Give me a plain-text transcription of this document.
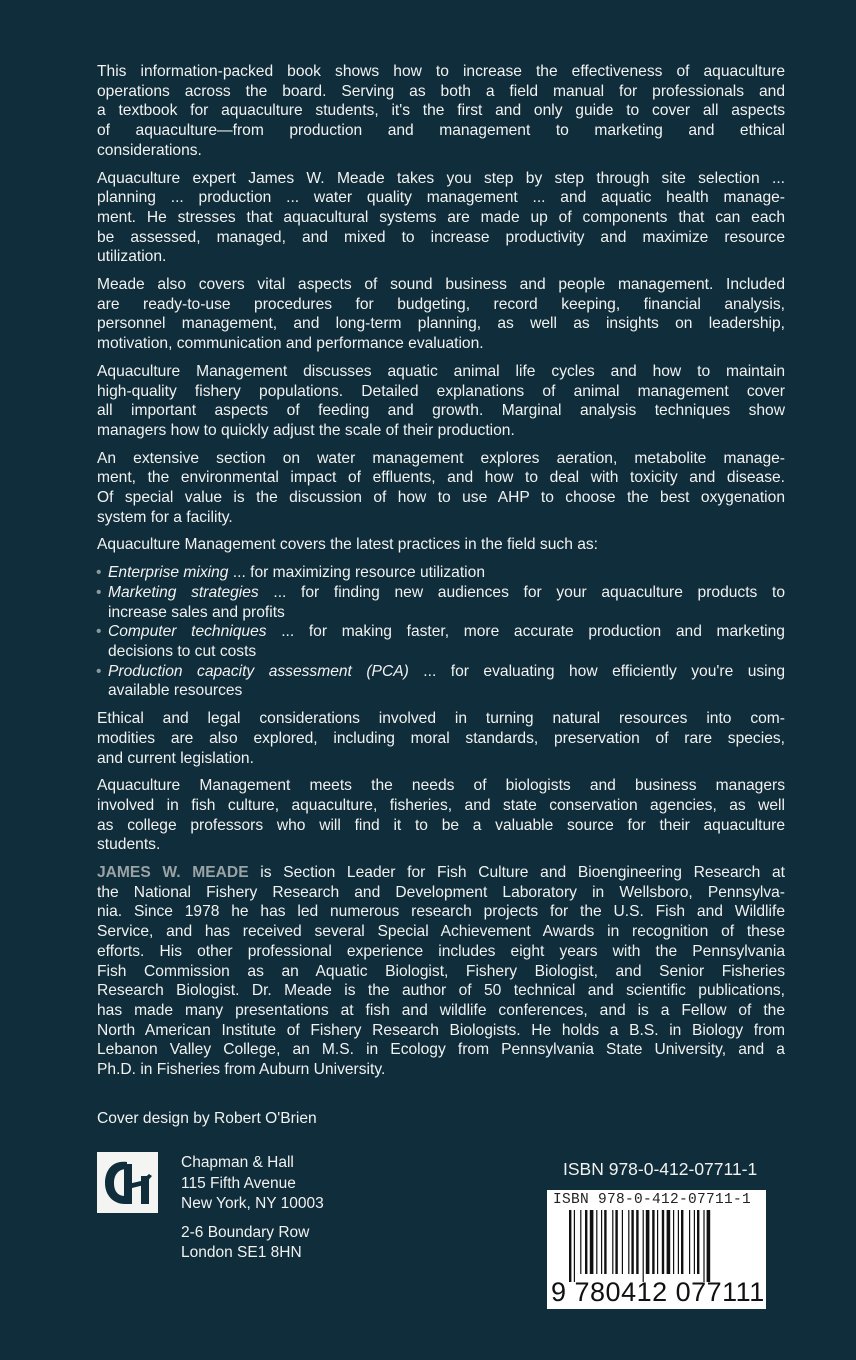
This information-packed book shows how to increase the effectiveness of aquaculture
operations across the board. Serving as both a field manual for professionals and
a textbook for aquaculture students, it's the first and only guide to cover all aspects
of aquaculture—from production and management to marketing and ethical
considerations.
Aquaculture expert James W. Meade takes you step by step through site selection ...
planning ... production ... water quality management ... and aquatic health manage-
ment. He stresses that aquacultural systems are made up of components that can each
be assessed, managed, and mixed to increase productivity and maximize resource
utilization.
Meade also covers vital aspects of sound business and people management. Included
are ready-to-use procedures for budgeting, record keeping, financial analysis,
personnel management, and long-term planning, as well as insights on leadership,
motivation, communication and performance evaluation.
Aquaculture Management discusses aquatic animal life cycles and how to maintain
high-quality fishery populations. Detailed explanations of animal management cover
all important aspects of feeding and growth. Marginal analysis techniques show
managers how to quickly adjust the scale of their production.
An extensive section on water management explores aeration, metabolite manage-
ment, the environmental impact of effluents, and how to deal with toxicity and disease.
Of special value is the discussion of how to use AHP to choose the best oxygenation
system for a facility.
Aquaculture Management covers the latest practices in the field such as:
• Enterprise mixing ... for maximizing resource utilization
• Marketing strategies ... for finding new audiences for your aquaculture products to
increase sales and profits
• Computer techniques ... for making faster, more accurate production and marketing
decisions to cut costs
• Production capacity assessment (PCA) ... for evaluating how efficiently you're using
available resources
Ethical and legal considerations involved in turning natural resources into com-
modities are also explored, including moral standards, preservation of rare species,
and current legislation.
Aquaculture Management meets the needs of biologists and business managers
involved in fish culture, aquaculture, fisheries, and state conservation agencies, as well
as college professors who will find it to be a valuable source for their aquaculture
students.
JAMES W. MEADE is Section Leader for Fish Culture and Bioengineering Research at
the National Fishery Research and Development Laboratory in Wellsboro, Pennsylva-
nia. Since 1978 he has led numerous research projects for the U.S. Fish and Wildlife
Service, and has received several Special Achievement Awards in recognition of these
efforts. His other professional experience includes eight years with the Pennsylvania
Fish Commission as an Aquatic Biologist, Fishery Biologist, and Senior Fisheries
Research Biologist. Dr. Meade is the author of 50 technical and scientific publications,
has made many presentations at fish and wildlife conferences, and is a Fellow of the
North American Institute of Fishery Research Biologists. He holds a B.S. in Biology from
Lebanon Valley College, an M.S. in Ecology from Pennsylvania State University, and a
Ph.D. in Fisheries from Auburn University.
Cover design by Robert O'Brien
Chapman & Hall
115 Fifth Avenue
New York, NY 10003
2-6 Boundary Row
London SE1 8HN
ISBN 978-0-412-07711-1
ISBN 978-0-412-07711-1
9 780412 077111
